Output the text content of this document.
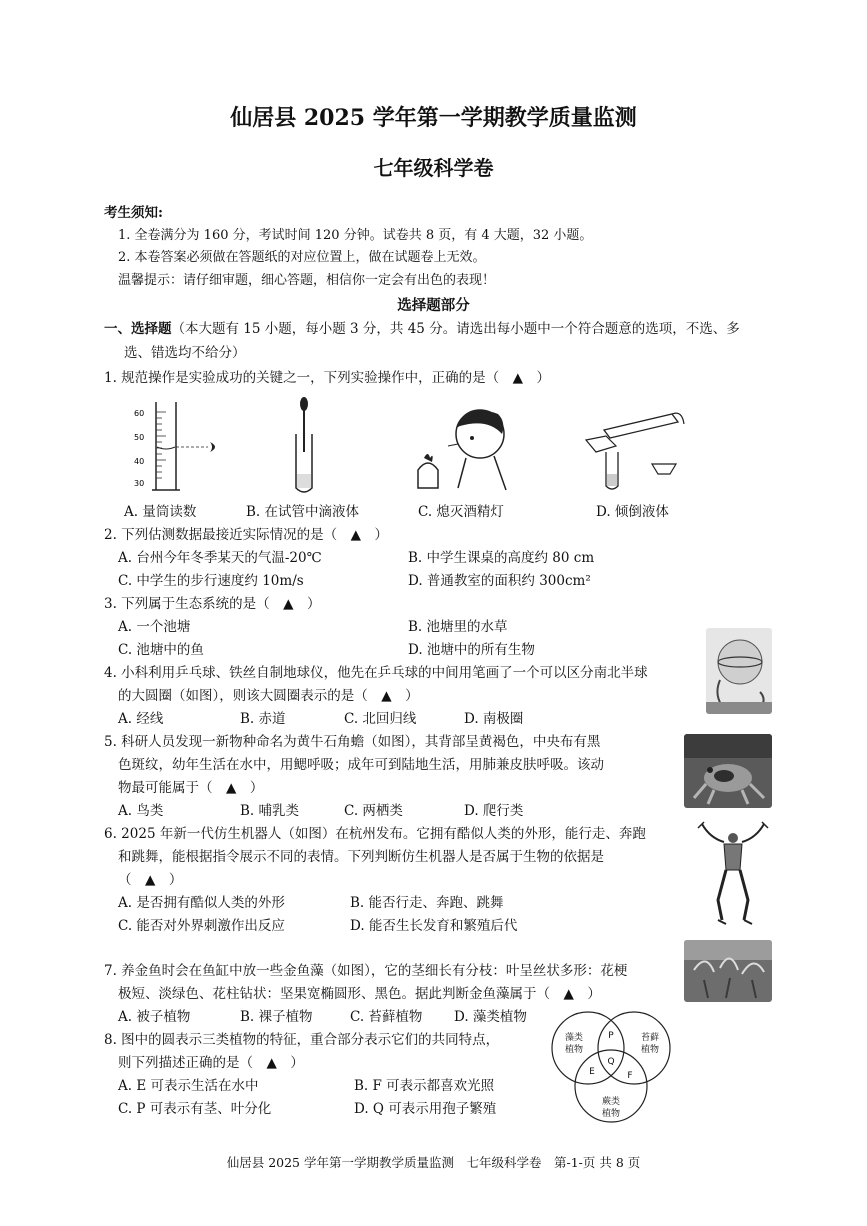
仙居县 2025 学年第一学期教学质量监测
七年级科学卷
考生须知:
1. 全卷满分为 160 分，考试时间 120 分钟。试卷共 8 页，有 4 大题，32 小题。
2. 本卷答案必须做在答题纸的对应位置上，做在试题卷上无效。
温馨提示：请仔细审题，细心答题，相信你一定会有出色的表现！
选择题部分
一、选择题（本大题有 15 小题，每小题 3 分，共 45 分。请选出每小题中一个符合题意的选项，不选、多
选、错选均不给分）
1. 规范操作是实验成功的关键之一，下列实验操作中，正确的是（　▲　）
60
50
40
30
A. 量筒读数	B. 在试管中滴液体	C. 熄灭酒精灯	D. 倾倒液体
2. 下列估测数据最接近实际情况的是（　▲　）
A. 台州今年冬季某天的气温-20℃	B. 中学生课桌的高度约 80 cm
C. 中学生的步行速度约 10m/s	D. 普通教室的面积约 300cm²
3. 下列属于生态系统的是（　▲　）
A. 一个池塘	B. 池塘里的水草
C. 池塘中的鱼	D. 池塘中的所有生物
4. 小科利用乒乓球、铁丝自制地球仪，他先在乒乓球的中间用笔画了一个可以区分南北半球
的大圆圈（如图），则该大圆圈表示的是（　▲　）
A. 经线	B. 赤道	C. 北回归线	D. 南极圈
5. 科研人员发现一新物种命名为黄牛石角蟾（如图），其背部呈黄褐色，中央布有黑
色斑纹，幼年生活在水中，用鳃呼吸；成年可到陆地生活，用肺兼皮肤呼吸。该动
物最可能属于（　▲　）
A. 鸟类	B. 哺乳类	C. 两栖类	D. 爬行类
6. 2025 年新一代仿生机器人（如图）在杭州发布。它拥有酷似人类的外形，能行走、奔跑
和跳舞，能根据指令展示不同的表情。下列判断仿生机器人是否属于生物的依据是
（　▲　）
A. 是否拥有酷似人类的外形	B. 能否行走、奔跑、跳舞
C. 能否对外界刺激作出反应	D. 能否生长发育和繁殖后代
7. 养金鱼时会在鱼缸中放一些金鱼藻（如图），它的茎细长有分枝：叶呈丝状多形：花梗
极短、淡绿色、花柱钻状：坚果宽椭圆形、黑色。据此判断金鱼藻属于（　▲　）
A. 被子植物	B. 裸子植物	C. 苔藓植物 D. 藻类植物
8. 图中的圆表示三类植物的特征，重合部分表示它们的共同特点，
则下列描述正确的是（　▲　）
A. E 可表示生活在水中	B. F 可表示都喜欢光照
C. P 可表示有茎、叶分化	D. Q 可表示用孢子繁殖
藻类
植物
苔藓
植物
蕨类
植物
P
Q
E	F
仙居县 2025 学年第一学期教学质量监测　七年级科学卷　第-1-页 共 8 页
